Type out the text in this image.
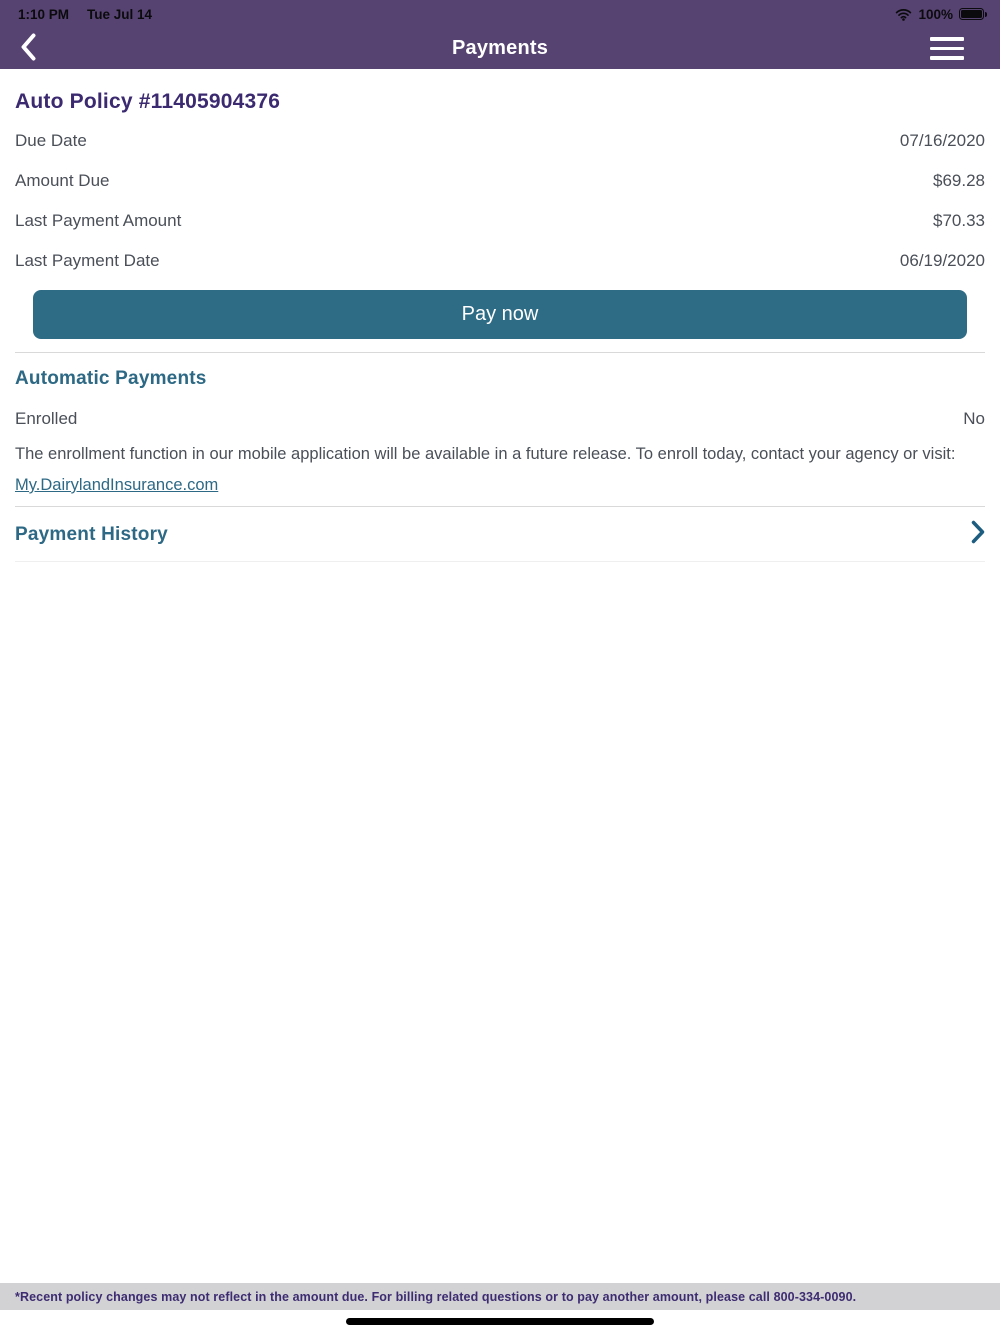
1:10 PM Tue Jul 14	100%
Payments
Auto Policy #11405904376
Due Date	07/16/2020
Amount Due	$69.28
Last Payment Amount	$70.33
Last Payment Date	06/19/2020
Pay now
Automatic Payments
Enrolled	No

The enrollment function in our mobile application will be available in a future release. To enroll today, contact your agency or visit:

My.DairylandInsurance.com
Payment History
*Recent policy changes may not reflect in the amount due. For billing related questions or to pay another amount, please call 800-334-0090.
